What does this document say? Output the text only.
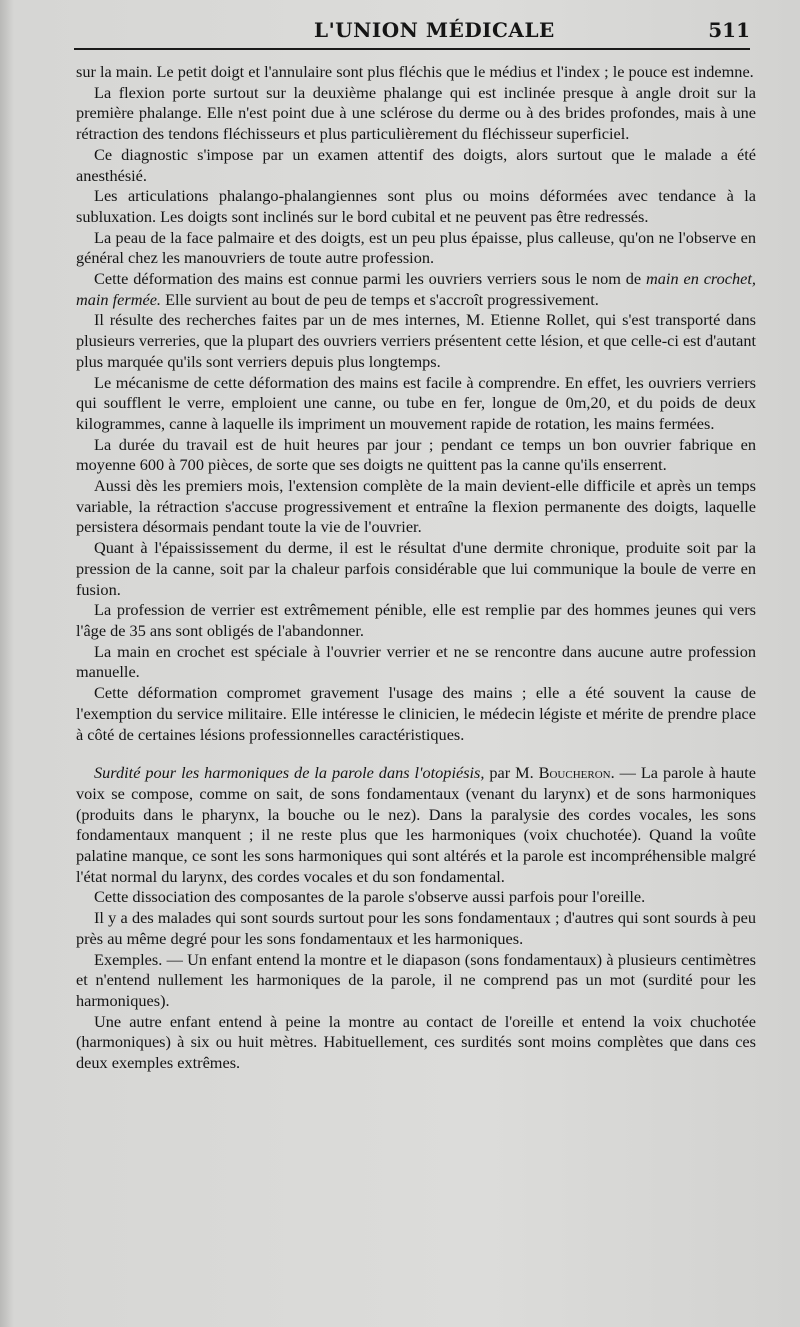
L'UNION MÉDICALE	511

sur la main. Le petit doigt et l'annulaire sont plus fléchis que le médius et l'index ; le pouce est indemne.

La flexion porte surtout sur la deuxième phalange qui est inclinée presque à angle droit sur la première phalange. Elle n'est point due à une sclérose du derme ou à des brides profondes, mais à une rétraction des tendons fléchisseurs et plus particulièrement du fléchisseur superficiel.

Ce diagnostic s'impose par un examen attentif des doigts, alors surtout que le malade a été anesthésié.

Les articulations phalango-phalangiennes sont plus ou moins déformées avec tendance à la subluxation. Les doigts sont inclinés sur le bord cubital et ne peuvent pas être redressés.

La peau de la face palmaire et des doigts, est un peu plus épaisse, plus calleuse, qu'on ne l'observe en général chez les manouvriers de toute autre profession.

Cette déformation des mains est connue parmi les ouvriers verriers sous le nom de main en crochet, main fermée. Elle survient au bout de peu de temps et s'accroît progressivement.

Il résulte des recherches faites par un de mes internes, M. Etienne Rollet, qui s'est transporté dans plusieurs verreries, que la plupart des ouvriers verriers présentent cette lésion, et que celle-ci est d'autant plus marquée qu'ils sont verriers depuis plus longtemps.

Le mécanisme de cette déformation des mains est facile à comprendre. En effet, les ouvriers verriers qui soufflent le verre, emploient une canne, ou tube en fer, longue de 0m,20, et du poids de deux kilogrammes, canne à laquelle ils impriment un mouvement rapide de rotation, les mains fermées.

La durée du travail est de huit heures par jour ; pendant ce temps un bon ouvrier fabrique en moyenne 600 à 700 pièces, de sorte que ses doigts ne quittent pas la canne qu'ils enserrent.

Aussi dès les premiers mois, l'extension complète de la main devient-elle difficile et après un temps variable, la rétraction s'accuse progressivement et entraîne la flexion permanente des doigts, laquelle persistera désormais pendant toute la vie de l'ouvrier.

Quant à l'épaississement du derme, il est le résultat d'une dermite chronique, produite soit par la pression de la canne, soit par la chaleur parfois considérable que lui communique la boule de verre en fusion.

La profession de verrier est extrêmement pénible, elle est remplie par des hommes jeunes qui vers l'âge de 35 ans sont obligés de l'abandonner.

La main en crochet est spéciale à l'ouvrier verrier et ne se rencontre dans aucune autre profession manuelle.

Cette déformation compromet gravement l'usage des mains ; elle a été souvent la cause de l'exemption du service militaire. Elle intéresse le clinicien, le médecin légiste et mérite de prendre place à côté de certaines lésions professionnelles caractéristiques.

Surdité pour les harmoniques de la parole dans l'otopiésis, par M. Boucheron. — La parole à haute voix se compose, comme on sait, de sons fondamentaux (venant du larynx) et de sons harmoniques (produits dans le pharynx, la bouche ou le nez). Dans la paralysie des cordes vocales, les sons fondamentaux manquent ; il ne reste plus que les harmoniques (voix chuchotée). Quand la voûte palatine manque, ce sont les sons harmoniques qui sont altérés et la parole est incompréhensible malgré l'état normal du larynx, des cordes vocales et du son fondamental.

Cette dissociation des composantes de la parole s'observe aussi parfois pour l'oreille.

Il y a des malades qui sont sourds surtout pour les sons fondamentaux ; d'autres qui sont sourds à peu près au même degré pour les sons fondamentaux et les harmoniques.

Exemples. — Un enfant entend la montre et le diapason (sons fondamentaux) à plusieurs centimètres et n'entend nullement les harmoniques de la parole, il ne comprend pas un mot (surdité pour les harmoniques).

Une autre enfant entend à peine la montre au contact de l'oreille et entend la voix chuchotée (harmoniques) à six ou huit mètres. Habituellement, ces surdités sont moins complètes que dans ces deux exemples extrêmes.
